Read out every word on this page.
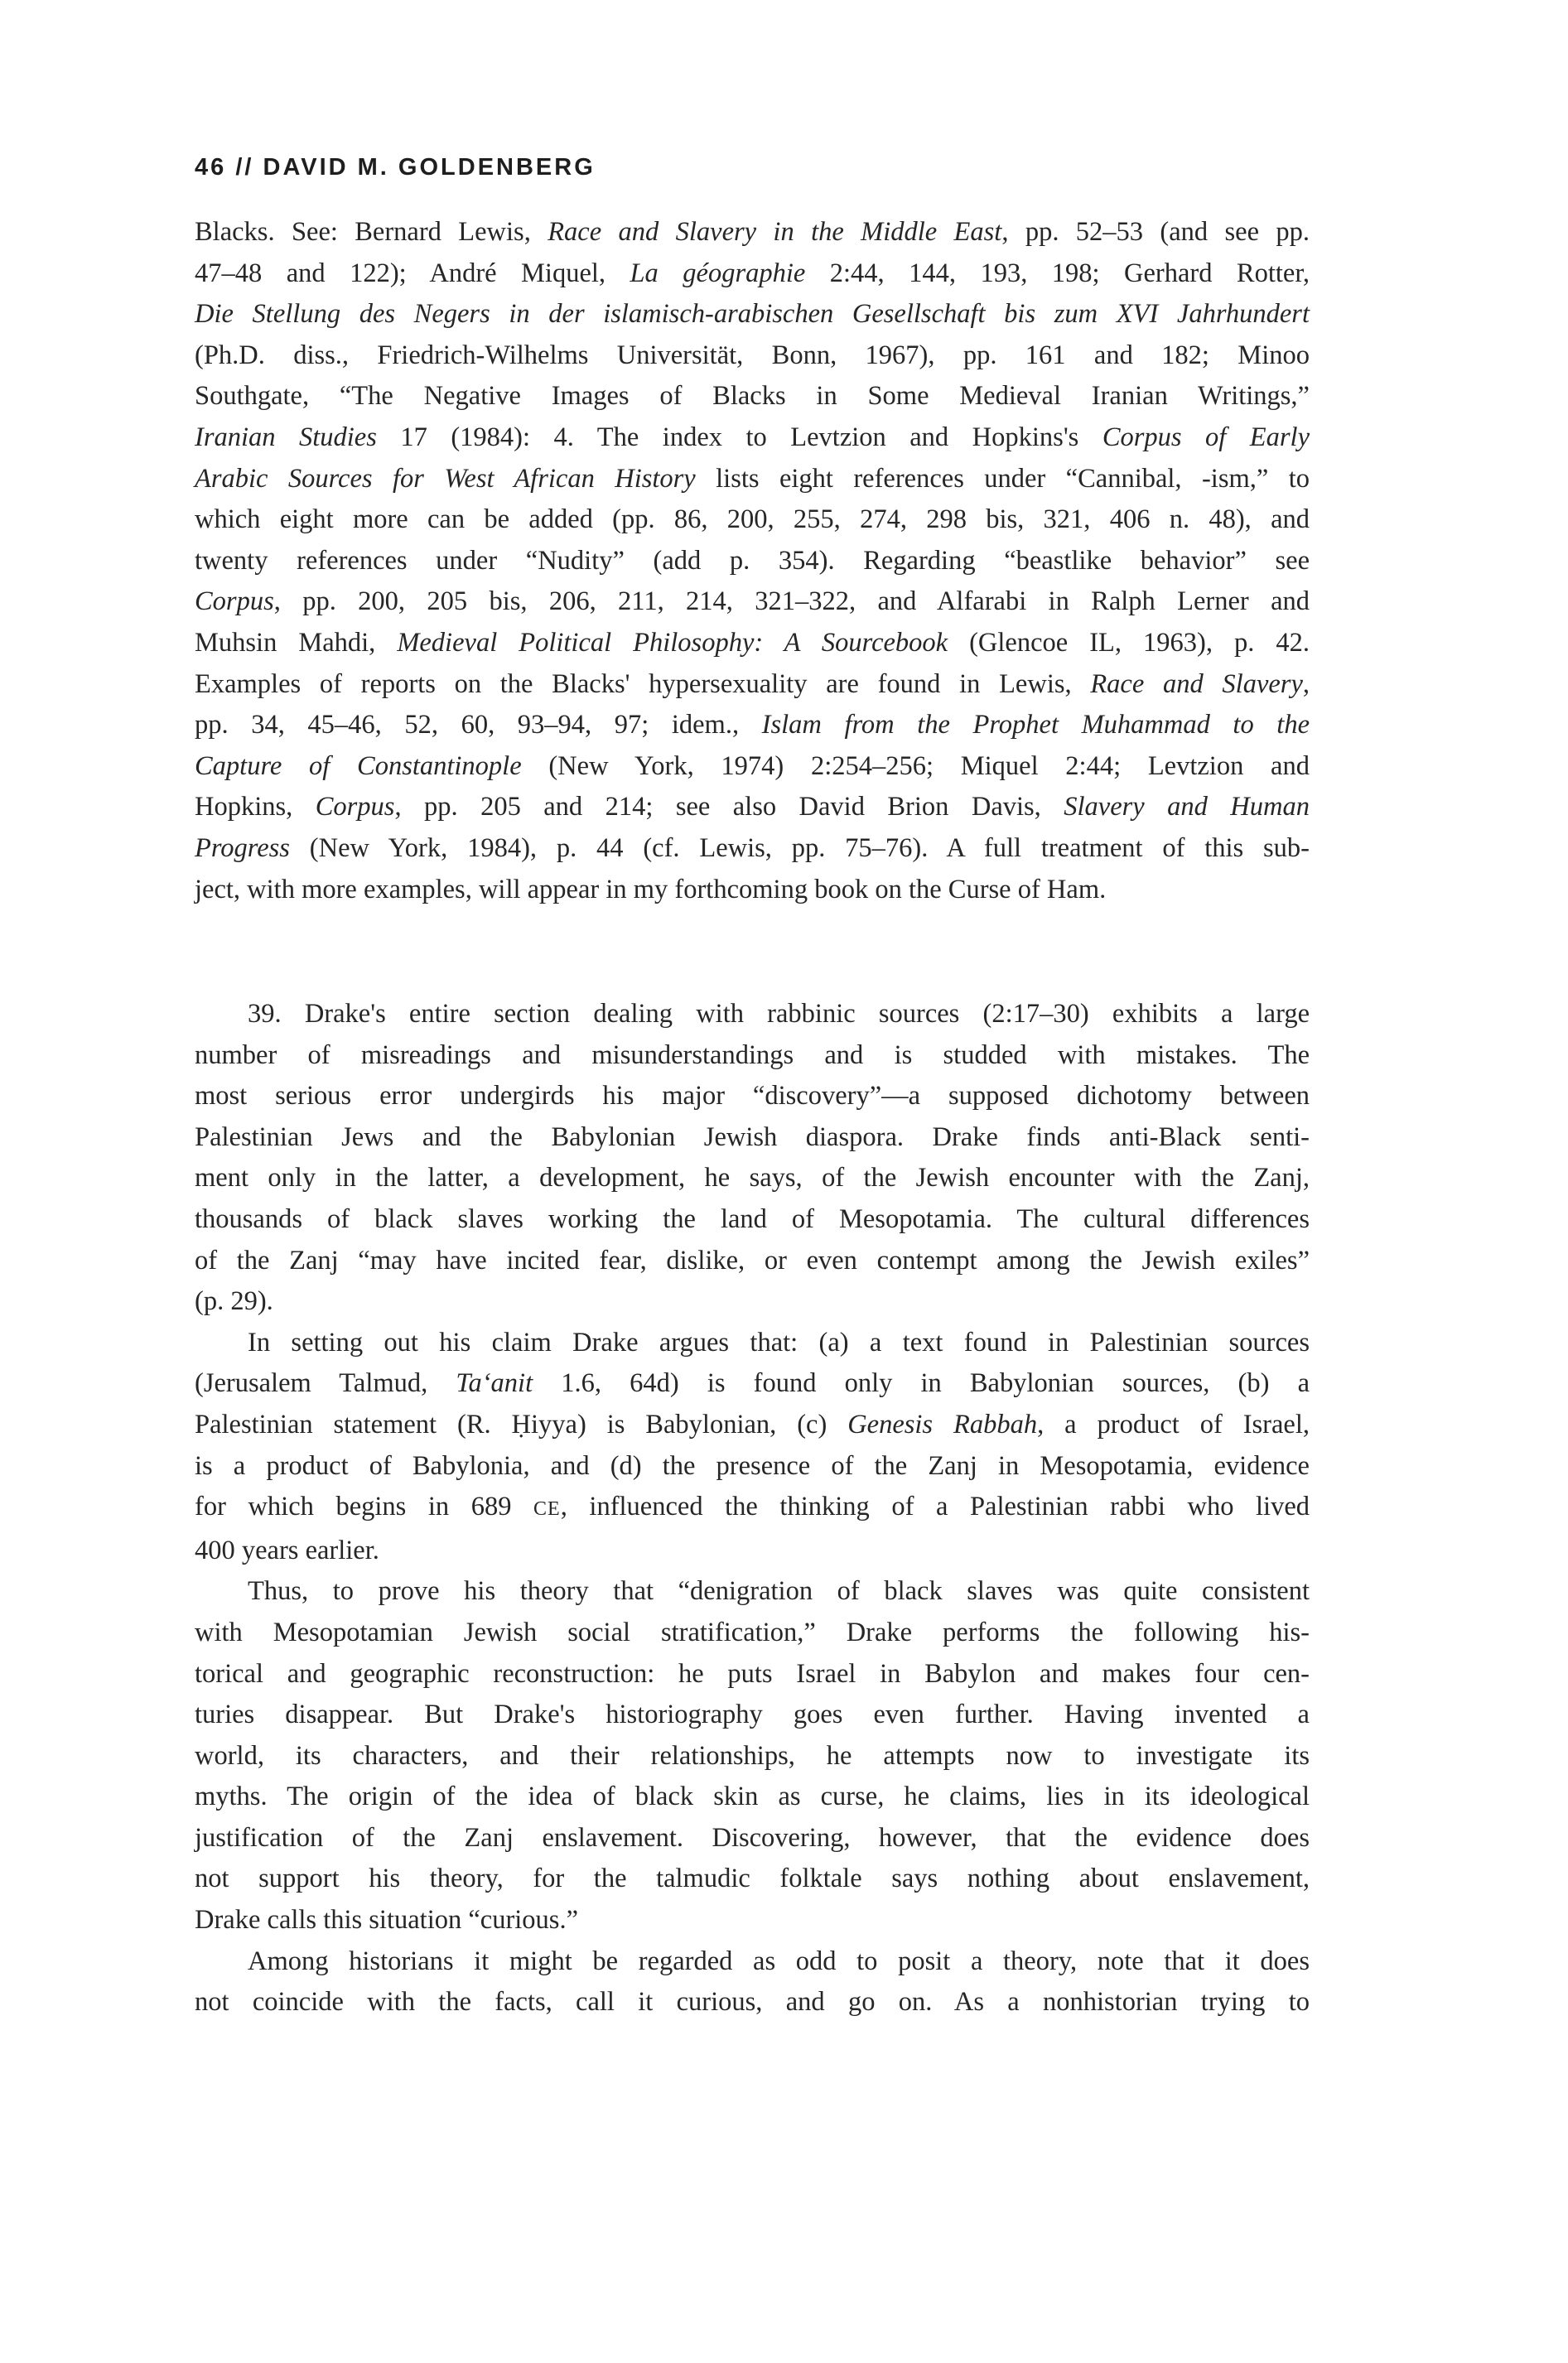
46 // DAVID M. GOLDENBERG
Blacks. See: Bernard Lewis, Race and Slavery in the Middle East, pp. 52–53 (and see pp.
47–48 and 122); André Miquel, La géographie 2:44, 144, 193, 198; Gerhard Rotter,
Die Stellung des Negers in der islamisch-arabischen Gesellschaft bis zum XVI Jahrhundert
(Ph.D. diss., Friedrich-Wilhelms Universität, Bonn, 1967), pp. 161 and 182; Minoo
Southgate, “The Negative Images of Blacks in Some Medieval Iranian Writings,”
Iranian Studies 17 (1984): 4. The index to Levtzion and Hopkins's Corpus of Early
Arabic Sources for West African History lists eight references under “Cannibal, -ism,” to
which eight more can be added (pp. 86, 200, 255, 274, 298 bis, 321, 406 n. 48), and
twenty references under “Nudity” (add p. 354). Regarding “beastlike behavior” see
Corpus, pp. 200, 205 bis, 206, 211, 214, 321–322, and Alfarabi in Ralph Lerner and
Muhsin Mahdi, Medieval Political Philosophy: A Sourcebook (Glencoe IL, 1963), p. 42.
Examples of reports on the Blacks' hypersexuality are found in Lewis, Race and Slavery,
pp. 34, 45–46, 52, 60, 93–94, 97; idem., Islam from the Prophet Muhammad to the
Capture of Constantinople (New York, 1974) 2:254–256; Miquel 2:44; Levtzion and
Hopkins, Corpus, pp. 205 and 214; see also David Brion Davis, Slavery and Human
Progress (New York, 1984), p. 44 (cf. Lewis, pp. 75–76). A full treatment of this sub-
ject, with more examples, will appear in my forthcoming book on the Curse of Ham.
39. Drake's entire section dealing with rabbinic sources (2:17–30) exhibits a large
number of misreadings and misunderstandings and is studded with mistakes. The
most serious error undergirds his major “discovery”—a supposed dichotomy between
Palestinian Jews and the Babylonian Jewish diaspora. Drake finds anti-Black senti-
ment only in the latter, a development, he says, of the Jewish encounter with the Zanj,
thousands of black slaves working the land of Mesopotamia. The cultural differences
of the Zanj “may have incited fear, dislike, or even contempt among the Jewish exiles”
(p. 29).
In setting out his claim Drake argues that: (a) a text found in Palestinian sources
(Jerusalem Talmud, Ta‘anit 1.6, 64d) is found only in Babylonian sources, (b) a
Palestinian statement (R. Ḥiyya) is Babylonian, (c) Genesis Rabbah, a product of Israel,
is a product of Babylonia, and (d) the presence of the Zanj in Mesopotamia, evidence
for which begins in 689 CE, influenced the thinking of a Palestinian rabbi who lived
400 years earlier.
Thus, to prove his theory that “denigration of black slaves was quite consistent
with Mesopotamian Jewish social stratification,” Drake performs the following his-
torical and geographic reconstruction: he puts Israel in Babylon and makes four cen-
turies disappear. But Drake's historiography goes even further. Having invented a
world, its characters, and their relationships, he attempts now to investigate its
myths. The origin of the idea of black skin as curse, he claims, lies in its ideological
justification of the Zanj enslavement. Discovering, however, that the evidence does
not support his theory, for the talmudic folktale says nothing about enslavement,
Drake calls this situation “curious.”
Among historians it might be regarded as odd to posit a theory, note that it does
not coincide with the facts, call it curious, and go on. As a nonhistorian trying to
